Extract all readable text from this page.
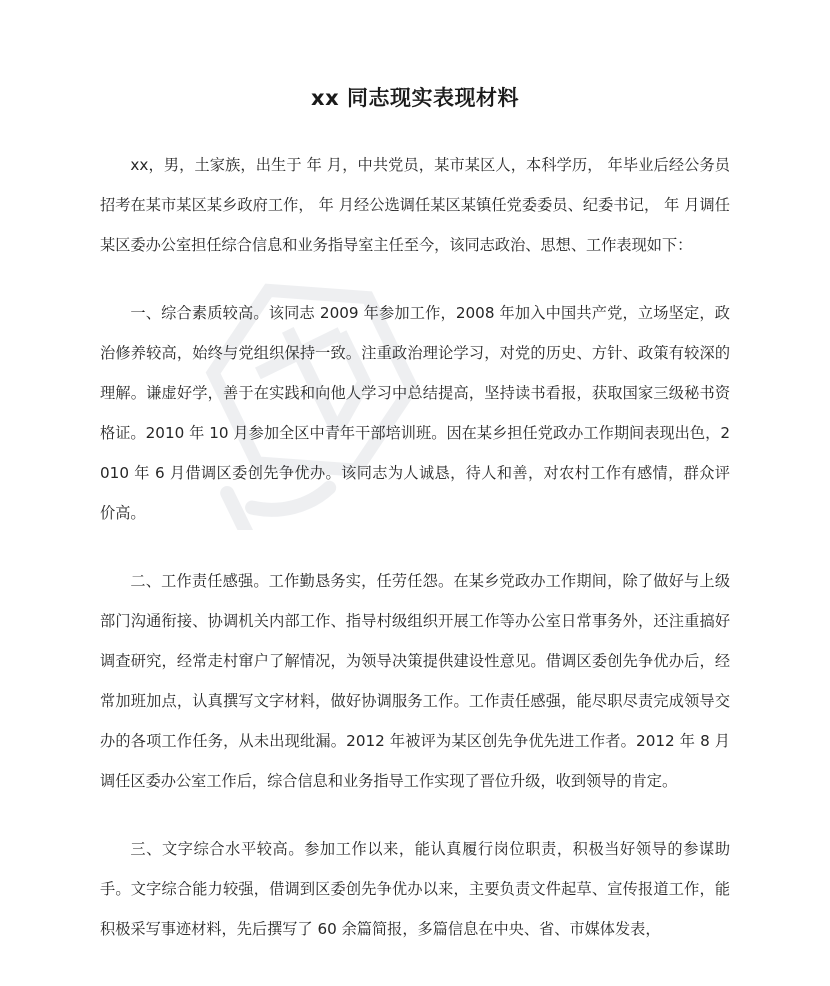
xx 同志现实表现材料

xx，男，土家族，出生于 年 月，中共党员，某市某区人，本科学历， 年毕业后经公务员招考在某市某区某乡政府工作， 年 月经公选调任某区某镇任党委委员、纪委书记， 年 月调任某区委办公室担任综合信息和业务指导室主任至今，该同志政治、思想、工作表现如下：

一、综合素质较高。该同志 2009 年参加工作，2008 年加入中国共产党，立场坚定，政治修养较高，始终与党组织保持一致。注重政治理论学习，对党的历史、方针、政策有较深的理解。谦虚好学，善于在实践和向他人学习中总结提高，坚持读书看报，获取国家三级秘书资格证。2010 年 10 月参加全区中青年干部培训班。因在某乡担任党政办工作期间表现出色，2010 年 6 月借调区委创先争优办。该同志为人诚恳，待人和善，对农村工作有感情，群众评价高。

二、工作责任感强。工作勤恳务实，任劳任怨。在某乡党政办工作期间，除了做好与上级部门沟通衔接、协调机关内部工作、指导村级组织开展工作等办公室日常事务外，还注重搞好调查研究，经常走村窜户了解情况，为领导决策提供建设性意见。借调区委创先争优办后，经常加班加点，认真撰写文字材料，做好协调服务工作。工作责任感强，能尽职尽责完成领导交办的各项工作任务，从未出现纰漏。2012 年被评为某区创先争优先进工作者。2012 年 8 月调任区委办公室工作后，综合信息和业务指导工作实现了晋位升级，收到领导的肯定。

三、文字综合水平较高。参加工作以来，能认真履行岗位职责，积极当好领导的参谋助手。文字综合能力较强，借调到区委创先争优办以来，主要负责文件起草、宣传报道工作，能积极采写事迹材料，先后撰写了 60 余篇简报，多篇信息在中央、省、市媒体发表，
